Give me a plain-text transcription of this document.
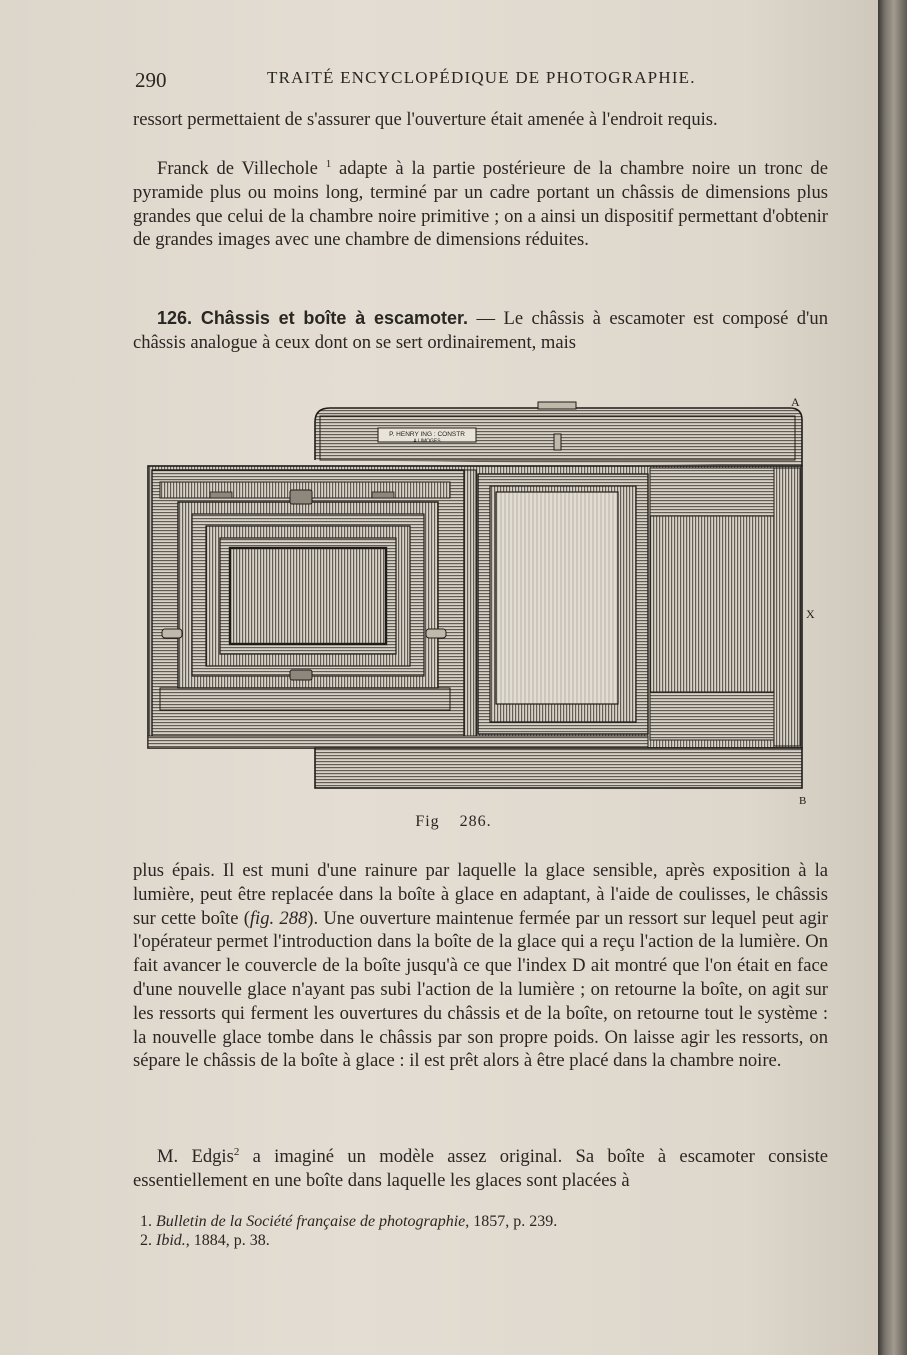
290	TRAITÉ ENCYCLOPÉDIQUE DE PHOTOGRAPHIE.

ressort permettaient de s'assurer que l'ouverture était amenée à l'endroit requis.

Franck de Villechole $^1$ adapte à la partie postérieure de la chambre noire un tronc de pyramide plus ou moins long, terminé par un cadre portant un châssis de dimensions plus grandes que celui de la chambre noire primitive ; on a ainsi un dispositif permettant d'obtenir de grandes images avec une chambre de dimensions réduites.

126. Châssis et boîte à escamoter. — Le châssis à escamoter est composé d'un châssis analogue à ceux dont on se sert ordinairement, mais

P. HENRY ING : CONSTR
A LIMOGES
A
X
B
Fig 286.

plus épais. Il est muni d'une rainure par laquelle la glace sensible, après exposition à la lumière, peut être replacée dans la boîte à glace en adaptant, à l'aide de coulisses, le châssis sur cette boîte (fig. 288). Une ouverture maintenue fermée par un ressort sur lequel peut agir l'opérateur permet l'introduction dans la boîte de la glace qui a reçu l'action de la lumière. On fait avancer le couvercle de la boîte jusqu'à ce que l'index D ait montré que l'on était en face d'une nouvelle glace n'ayant pas subi l'action de la lumière ; on retourne la boîte, on agit sur les ressorts qui ferment les ouvertures du châssis et de la boîte, on retourne tout le système : la nouvelle glace tombe dans le châssis par son propre poids. On laisse agir les ressorts, on sépare le châssis de la boîte à glace : il est prêt alors à être placé dans la chambre noire.

M. Edgis$^2$ a imaginé un modèle assez original. Sa boîte à escamoter consiste essentiellement en une boîte dans laquelle les glaces sont placées à

1. Bulletin de la Société française de photographie, 1857, p. 239.

2. Ibid., 1884, p. 38.
